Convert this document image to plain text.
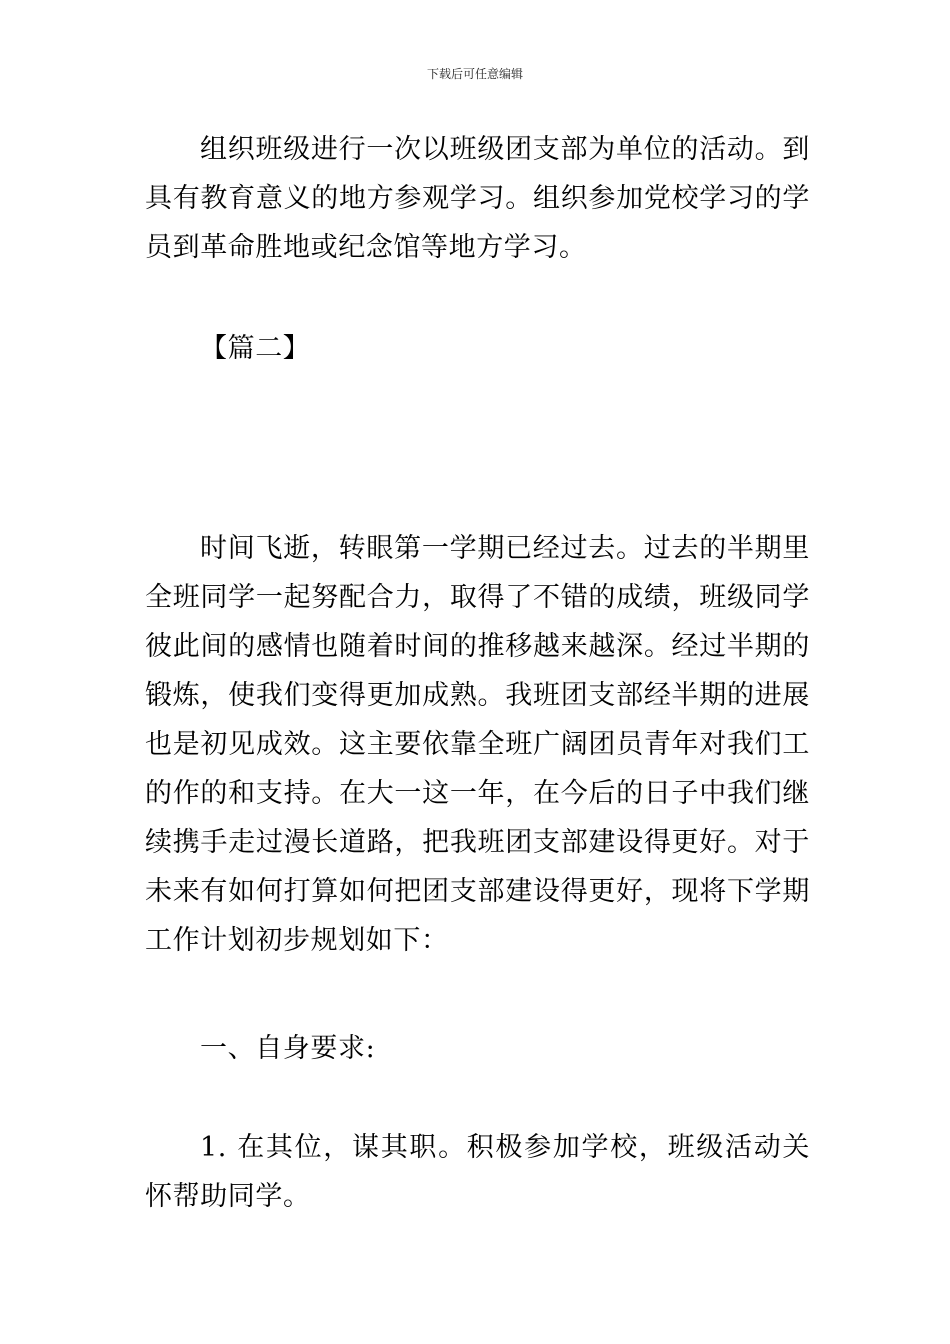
下载后可任意编辑
组织班级进行一次以班级团支部为单位的活动。到具有教育意义的地方参观学习。组织参加党校学习的学员到革命胜地或纪念馆等地方学习。
【篇二】
时间飞逝，转眼第一学期已经过去。过去的半期里全班同学一起努配合力，取得了不错的成绩，班级同学彼此间的感情也随着时间的推移越来越深。经过半期的锻炼，使我们变得更加成熟。我班团支部经半期的进展也是初见成效。这主要依靠全班广阔团员青年对我们工的作的和支持。在大一这一年，在今后的日子中我们继续携手走过漫长道路，把我班团支部建设得更好。对于未来有如何打算如何把团支部建设得更好，现将下学期工作计划初步规划如下：
一、自身要求:
1. 在其位，谋其职。积极参加学校，班级活动关怀帮助同学。
